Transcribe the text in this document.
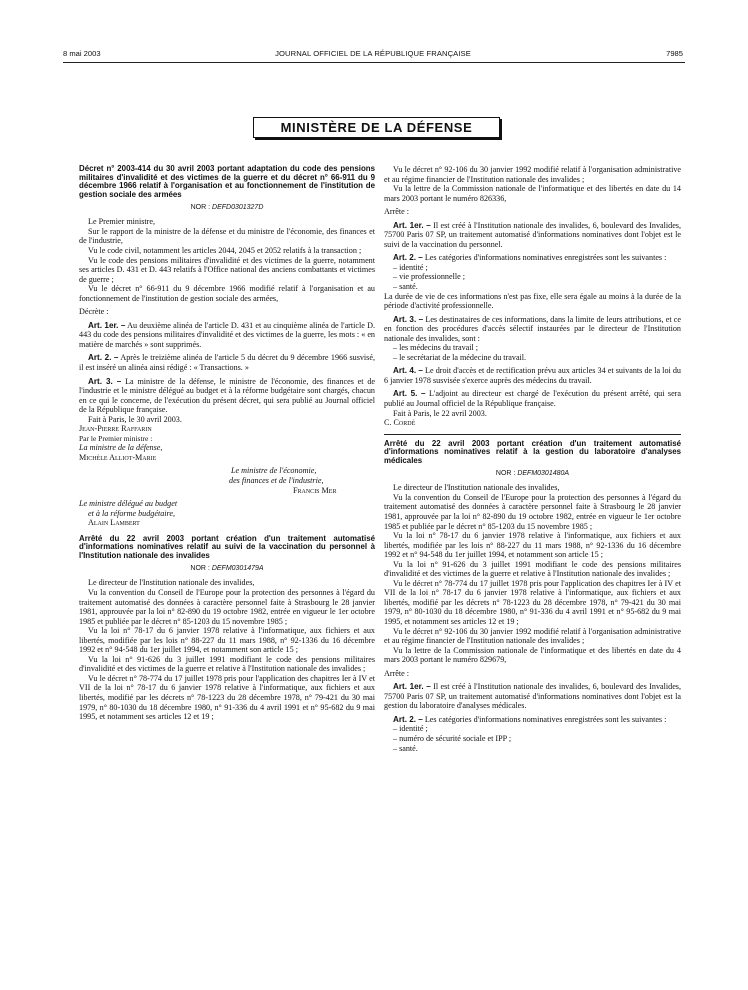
8 mai 2003	JOURNAL OFFICIEL DE LA RÉPUBLIQUE FRANÇAISE	7985
MINISTÈRE DE LA DÉFENSE
Décret n° 2003-414 du 30 avril 2003 portant adaptation du code des pensions militaires d'invalidité et des victimes de la guerre et du décret n° 66-911 du 9 décembre 1966 relatif à l'organisation et au fonctionnement de l'institution de gestion sociale des armées
NOR : DEFD0301327D

Le Premier ministre,

Sur le rapport de la ministre de la défense et du ministre de l'économie, des finances et de l'industrie,

Vu le code civil, notamment les articles 2044, 2045 et 2052 relatifs à la transaction ;

Vu le code des pensions militaires d'invalidité et des victimes de la guerre, notamment ses articles D. 431 et D. 443 relatifs à l'Office national des anciens combattants et victimes de guerre ;

Vu le décret n° 66-911 du 9 décembre 1966 modifié relatif à l'organisation et au fonctionnement de l'institution de gestion sociale des armées,

Décrète :

Art. 1er. – Au deuxième alinéa de l'article D. 431 et au cinquième alinéa de l'article D. 443 du code des pensions militaires d'invalidité et des victimes de la guerre, les mots : « en matière de marchés » sont supprimés.

Art. 2. – Après le treizième alinéa de l'article 5 du décret du 9 décembre 1966 susvisé, il est inséré un alinéa ainsi rédigé : « Transactions. »

Art. 3. – La ministre de la défense, le ministre de l'économie, des finances et de l'industrie et le ministre délégué au budget et à la réforme budgétaire sont chargés, chacun en ce qui le concerne, de l'exécution du présent décret, qui sera publié au Journal officiel de la République française.

Fait à Paris, le 30 avril 2003.

Jean-Pierre Raffarin

Par le Premier ministre :

La ministre de la défense,

Michèle Alliot-Marie

Le ministre de l'économie,

des finances et de l'industrie,

Francis Mer

Le ministre délégué au budget

et à la réforme budgétaire,

Alain Lambert

Arrêté du 22 avril 2003 portant création d'un traitement automatisé d'informations nominatives relatif au suivi de la vaccination du personnel à l'Institution nationale des invalides
NOR : DEFM0301479A

Le directeur de l'Institution nationale des invalides,

Vu la convention du Conseil de l'Europe pour la protection des personnes à l'égard du traitement automatisé des données à caractère personnel faite à Strasbourg le 28 janvier 1981, approuvée par la loi n° 82-890 du 19 octobre 1982, entrée en vigueur le 1er octobre 1985 et publiée par le décret n° 85-1203 du 15 novembre 1985 ;

Vu la loi n° 78-17 du 6 janvier 1978 relative à l'informatique, aux fichiers et aux libertés, modifiée par les lois n° 88-227 du 11 mars 1988, n° 92-1336 du 16 décembre 1992 et n° 94-548 du 1er juillet 1994, et notamment son article 15 ;

Vu la loi n° 91-626 du 3 juillet 1991 modifiant le code des pensions militaires d'invalidité et des victimes de la guerre et relative à l'Institution nationale des invalides ;

Vu le décret n° 78-774 du 17 juillet 1978 pris pour l'application des chapitres Ier à IV et VII de la loi n° 78-17 du 6 janvier 1978 relative à l'informatique, aux fichiers et aux libertés, modifié par les décrets n° 78-1223 du 28 décembre 1978, n° 79-421 du 30 mai 1979, n° 80-1030 du 18 décembre 1980, n° 91-336 du 4 avril 1991 et n° 95-682 du 9 mai 1995, et notamment ses articles 12 et 19 ;

Vu le décret n° 92-106 du 30 janvier 1992 modifié relatif à l'organisation administrative et au régime financier de l'Institution nationale des invalides ;

Vu la lettre de la Commission nationale de l'informatique et des libertés en date du 14 mars 2003 portant le numéro 826336,

Arrête :

Art. 1er. – Il est créé à l'Institution nationale des invalides, 6, boulevard des Invalides, 75700 Paris 07 SP, un traitement automatisé d'informations nominatives dont l'objet est le suivi de la vaccination du personnel.

Art. 2. – Les catégories d'informations nominatives enregistrées sont les suivantes :

– identité ;

– vie professionnelle ;

– santé.

La durée de vie de ces informations n'est pas fixe, elle sera égale au moins à la durée de la période d'activité professionnelle.

Art. 3. – Les destinataires de ces informations, dans la limite de leurs attributions, et ce en fonction des procédures d'accès sélectif instaurées par le directeur de l'Institution nationale des invalides, sont :

– les médecins du travail ;

– le secrétariat de la médecine du travail.

Art. 4. – Le droit d'accès et de rectification prévu aux articles 34 et suivants de la loi du 6 janvier 1978 susvisée s'exerce auprès des médecins du travail.

Art. 5. – L'adjoint au directeur est chargé de l'exécution du présent arrêté, qui sera publié au Journal officiel de la République française.

Fait à Paris, le 22 avril 2003.

C. Cordé

Arrêté du 22 avril 2003 portant création d'un traitement automatisé d'informations nominatives relatif à la gestion du laboratoire d'analyses médicales
NOR : DEFM0301480A

Le directeur de l'Institution nationale des invalides,

Vu la convention du Conseil de l'Europe pour la protection des personnes à l'égard du traitement automatisé des données à caractère personnel faite à Strasbourg le 28 janvier 1981, approuvée par la loi n° 82-890 du 19 octobre 1982, entrée en vigueur le 1er octobre 1985 et publiée par le décret n° 85-1203 du 15 novembre 1985 ;

Vu la loi n° 78-17 du 6 janvier 1978 relative à l'informatique, aux fichiers et aux libertés, modifiée par les lois n° 88-227 du 11 mars 1988, n° 92-1336 du 16 décembre 1992 et n° 94-548 du 1er juillet 1994, et notamment son article 15 ;

Vu la loi n° 91-626 du 3 juillet 1991 modifiant le code des pensions militaires d'invalidité et des victimes de la guerre et relative à l'Institution nationale des invalides ;

Vu le décret n° 78-774 du 17 juillet 1978 pris pour l'application des chapitres Ier à IV et VII de la loi n° 78-17 du 6 janvier 1978 relative à l'informatique, aux fichiers et aux libertés, modifié par les décrets n° 78-1223 du 28 décembre 1978, n° 79-421 du 30 mai 1979, n° 80-1030 du 18 décembre 1980, n° 91-336 du 4 avril 1991 et n° 95-682 du 9 mai 1995, et notamment ses articles 12 et 19 ;

Vu le décret n° 92-106 du 30 janvier 1992 modifié relatif à l'organisation administrative et au régime financier de l'Institution nationale des invalides ;

Vu la lettre de la Commission nationale de l'informatique et des libertés en date du 4 mars 2003 portant le numéro 829679,

Arrête :

Art. 1er. – Il est créé à l'Institution nationale des invalides, 6, boulevard des Invalides, 75700 Paris 07 SP, un traitement automatisé d'informations nominatives dont l'objet est la gestion du laboratoire d'analyses médicales.

Art. 2. – Les catégories d'informations nominatives enregistrées sont les suivantes :

– identité ;

– numéro de sécurité sociale et IPP ;

– santé.
